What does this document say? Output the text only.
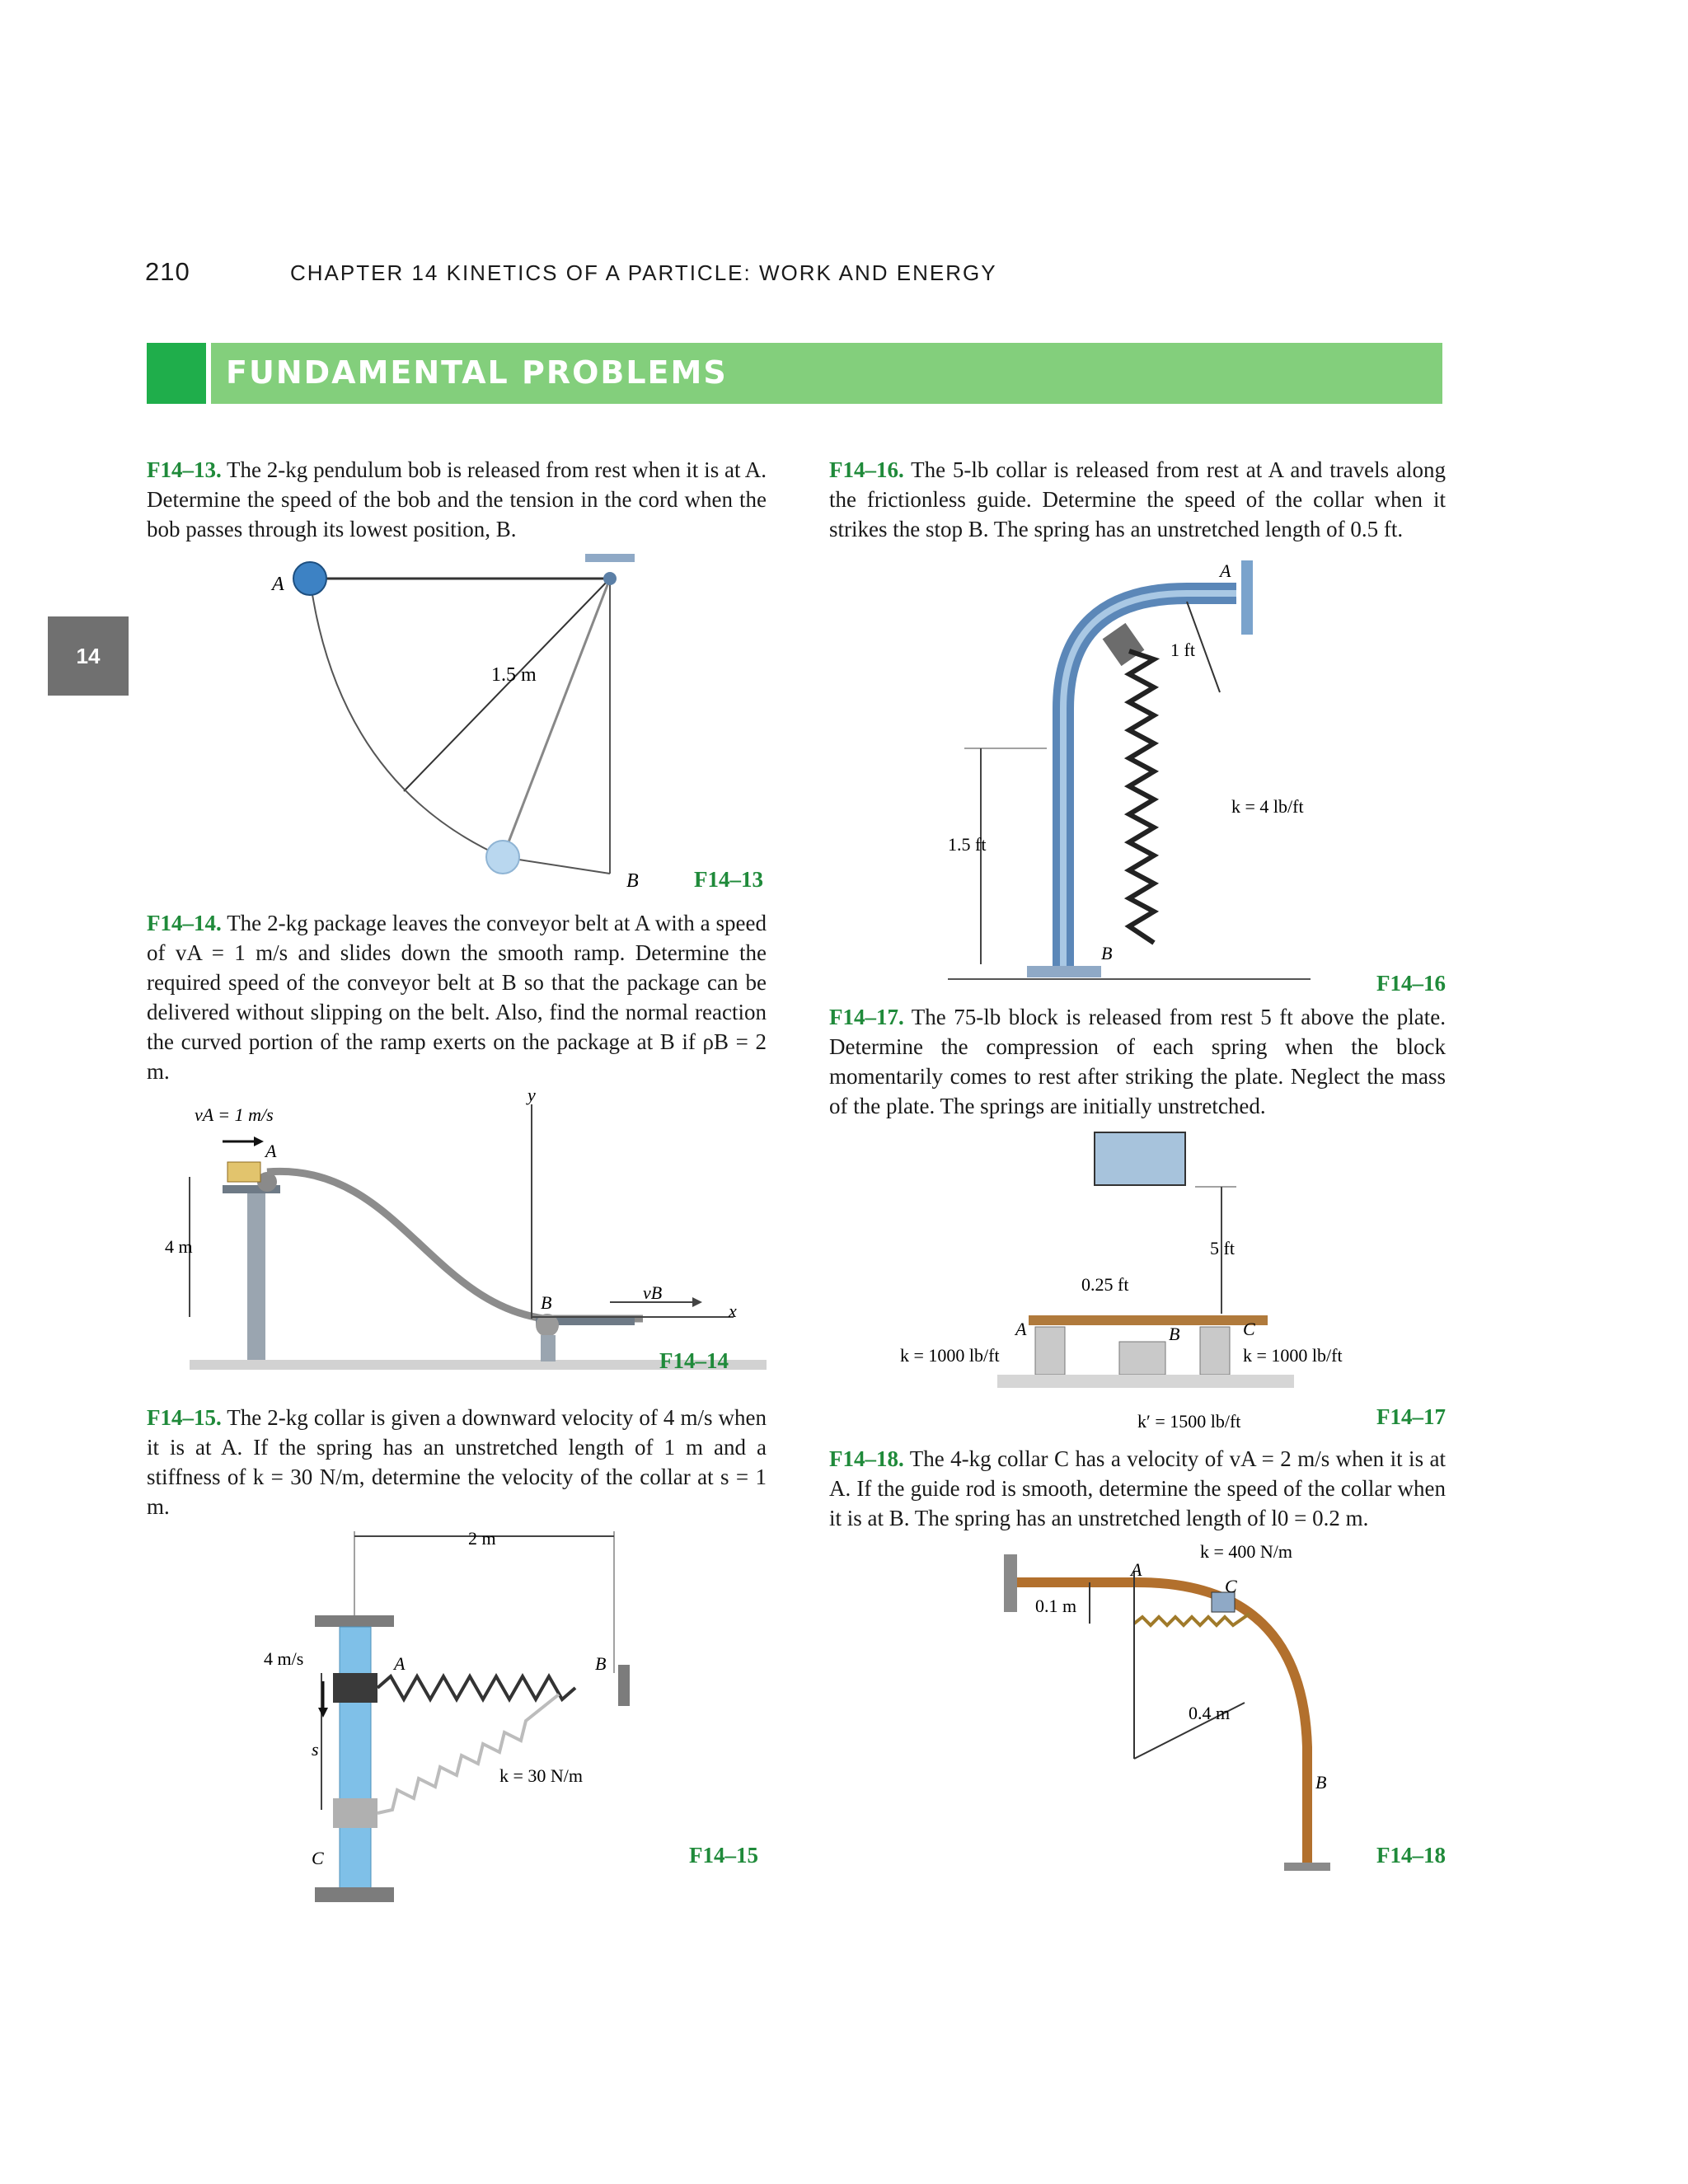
210	CHAPTER 14 KINETICS OF A PARTICLE: WORK AND ENERGY
FUNDAMENTAL PROBLEMS
14
F14–13. The 2-kg pendulum bob is released from rest when it is at A. Determine the speed of the bob and the tension in the cord when the bob passes through its lowest position, B.
F14–14. The 2-kg package leaves the conveyor belt at A with a speed of vA = 1 m/s and slides down the smooth ramp. Determine the required speed of the conveyor belt at B so that the package can be delivered without slipping on the belt. Also, find the normal reaction the curved portion of the ramp exerts on the package at B if ρB = 2 m.
F14–15. The 2-kg collar is given a downward velocity of 4 m/s when it is at A. If the spring has an unstretched length of 1 m and a stiffness of k = 30 N/m, determine the velocity of the collar at s = 1 m.
F14–16. The 5-lb collar is released from rest at A and travels along the frictionless guide. Determine the speed of the collar when it strikes the stop B. The spring has an unstretched length of 0.5 ft.
F14–17. The 75-lb block is released from rest 5 ft above the plate. Determine the compression of each spring when the block momentarily comes to rest after striking the plate. Neglect the mass of the plate. The springs are initially unstretched.
F14–18. The 4-kg collar C has a velocity of vA = 2 m/s when it is at A. If the guide rod is smooth, determine the speed of the collar when it is at B. The spring has an unstretched length of l0 = 0.2 m.
A
1.5 m
B F14–13
vA = 1 m/s
A
y
4 m
B	vB
x
F14–14
2 m
4 m/s	A	B
s
C
k = 30 N/m
F14–15
1 ft
A
1.5 ft
k = 4 lb/ft
B
F14–16
5 ft
0.25 ft
A	B	C
k = 1000 lb/ft	k = 1000 lb/ft
k′ = 1500 lb/ft	F14–17
k = 400 N/m
A
C
0.1 m
0.4 m
B
F14–18
